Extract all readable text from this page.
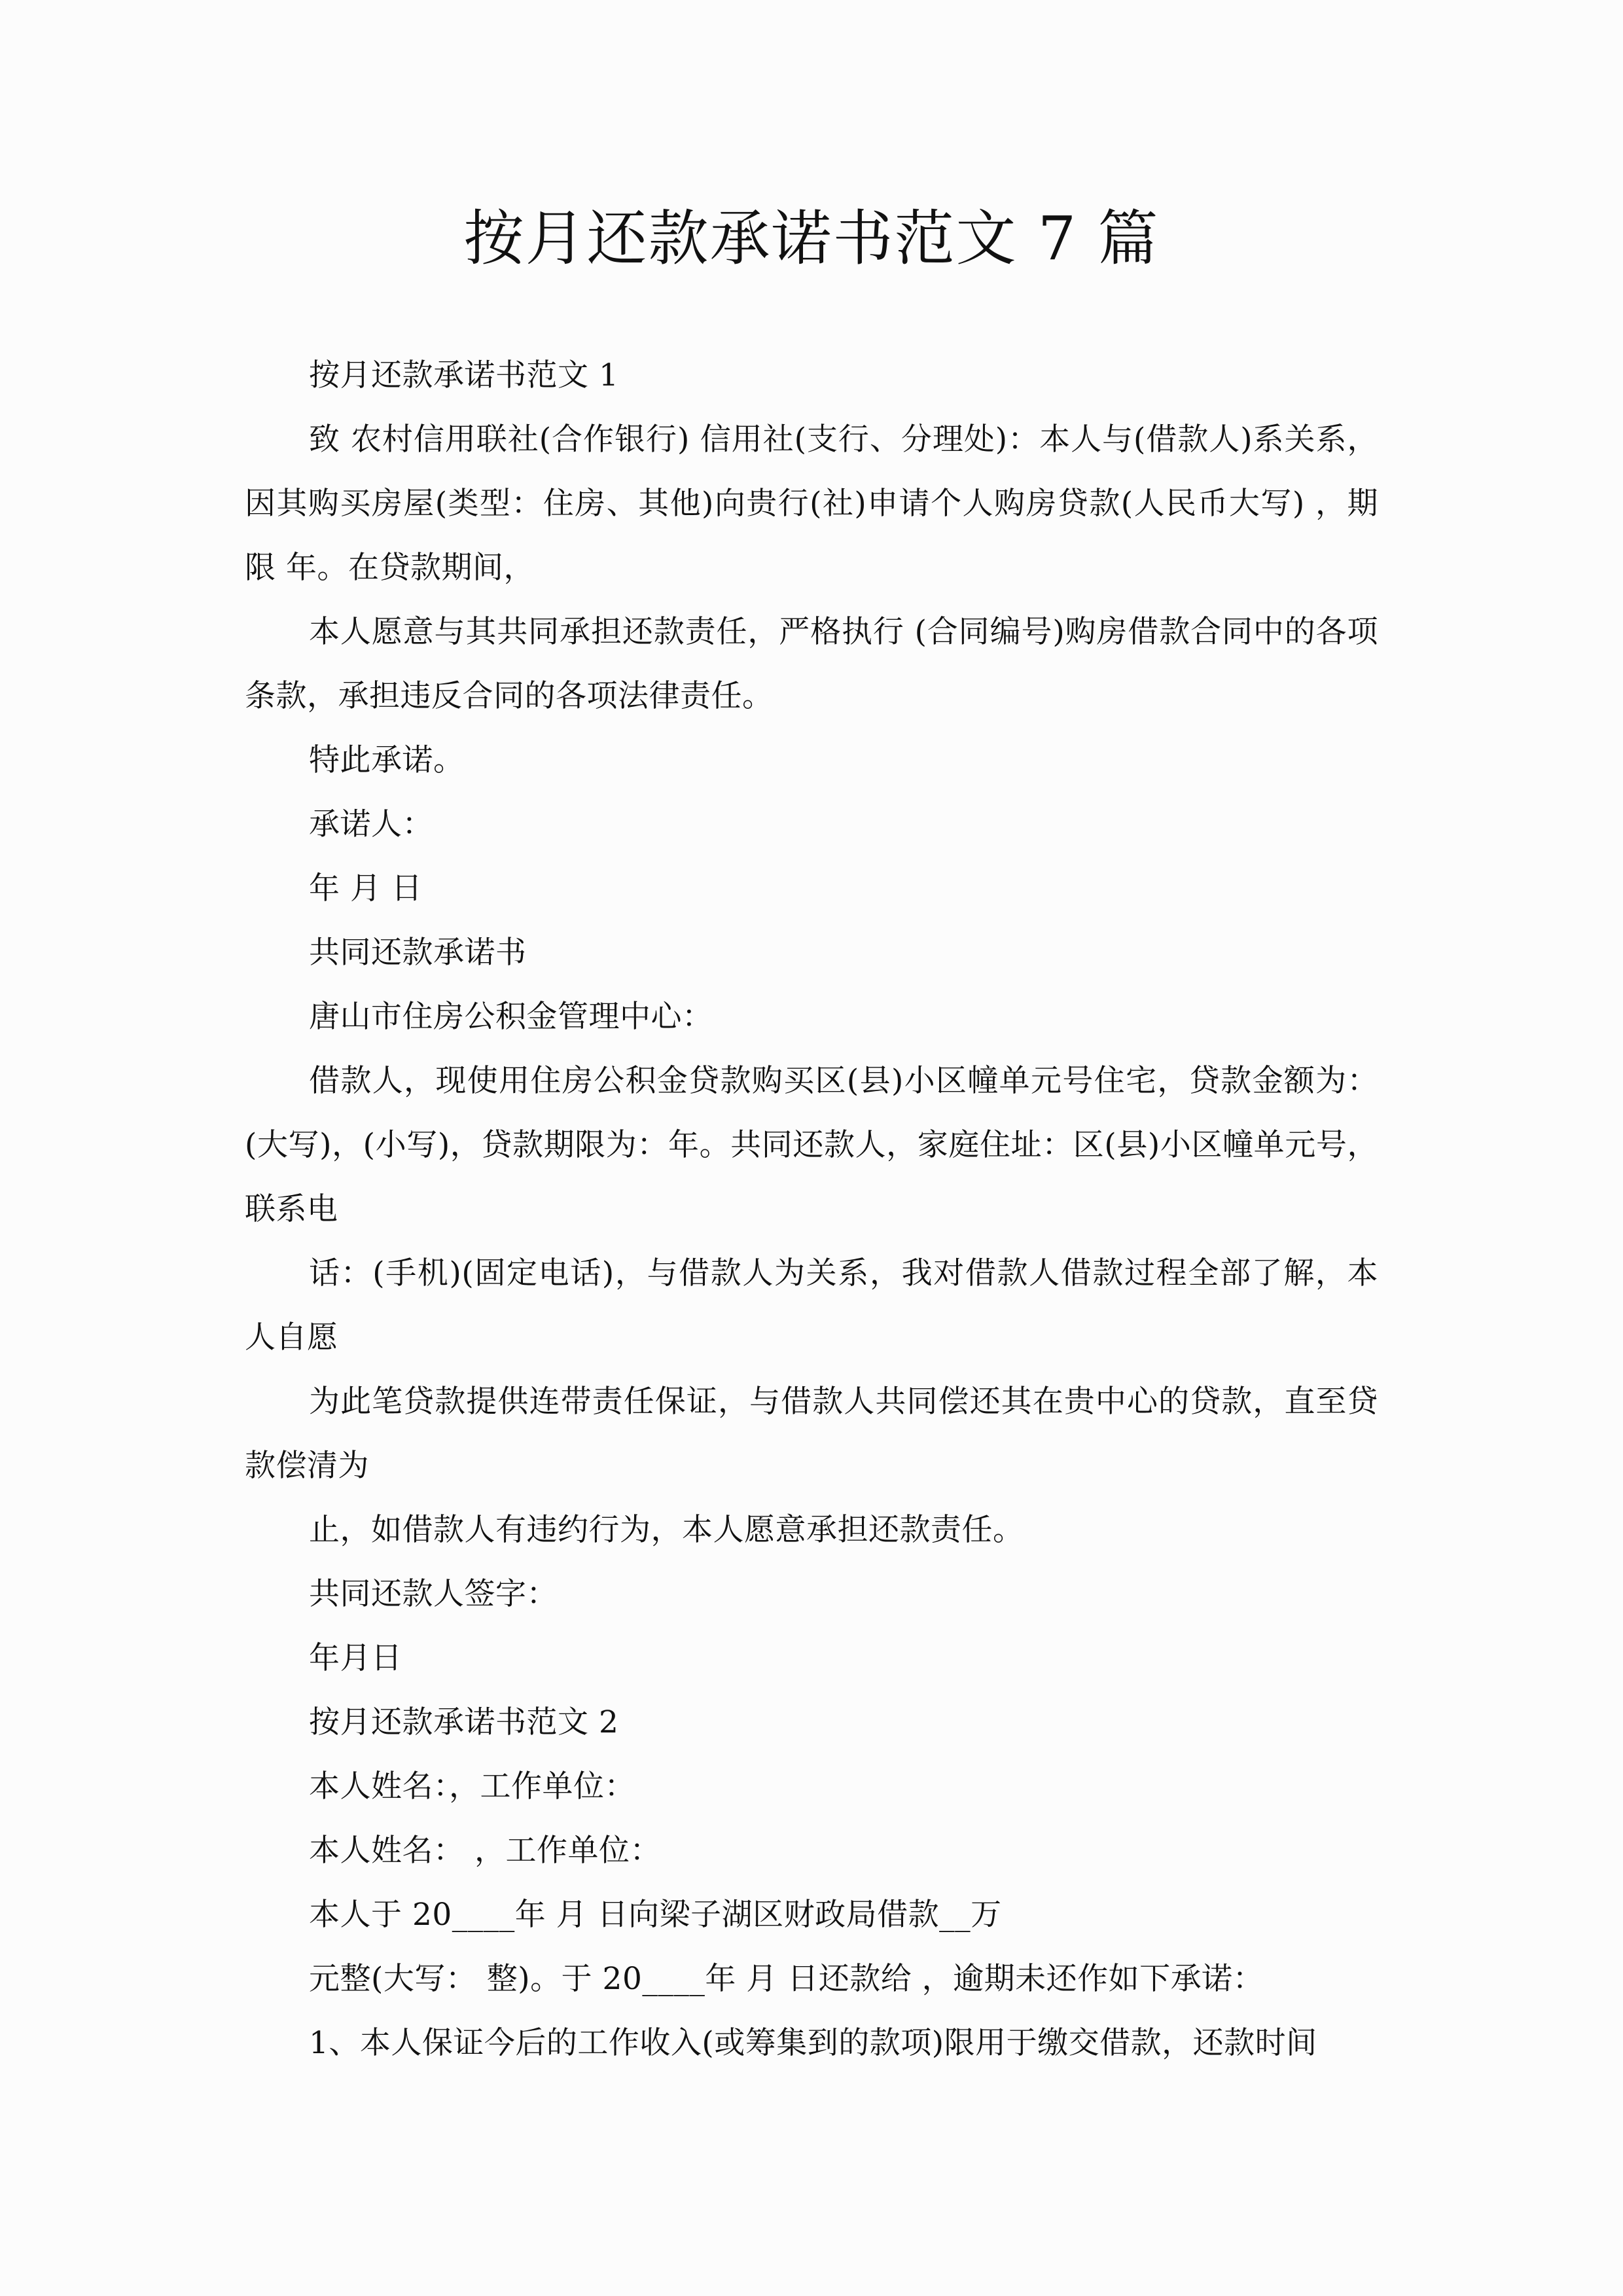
按月还款承诺书范文 7 篇

按月还款承诺书范文 1

致 农村信用联社(合作银行) 信用社(支行、分理处)：本人与(借款人)系关系，因其购买房屋(类型：住房、其他)向贵行(社)申请个人购房贷款(人民币大写) ，期限 年。在贷款期间，

本人愿意与其共同承担还款责任，严格执行 (合同编号)购房借款合同中的各项条款，承担违反合同的各项法律责任。

特此承诺。

承诺人：

年 月 日

共同还款承诺书

唐山市住房公积金管理中心：

借款人，现使用住房公积金贷款购买区(县)小区幢单元号住宅，贷款金额为：(大写)，(小写)，贷款期限为：年。共同还款人，家庭住址：区(县)小区幢单元号，联系电

话：(手机)(固定电话)，与借款人为关系，我对借款人借款过程全部了解，本人自愿

为此笔贷款提供连带责任保证，与借款人共同偿还其在贵中心的贷款，直至贷款偿清为

止，如借款人有违约行为，本人愿意承担还款责任。

共同还款人签字：

年月日

按月还款承诺书范文 2

本人姓名：，工作单位：

本人姓名： ，工作单位：

本人于 20____年 月 日向梁子湖区财政局借款__万

元整(大写： 整)。于 20____年 月 日还款给 ，逾期未还作如下承诺：

1、本人保证今后的工作收入(或筹集到的款项)限用于缴交借款，还款时间
